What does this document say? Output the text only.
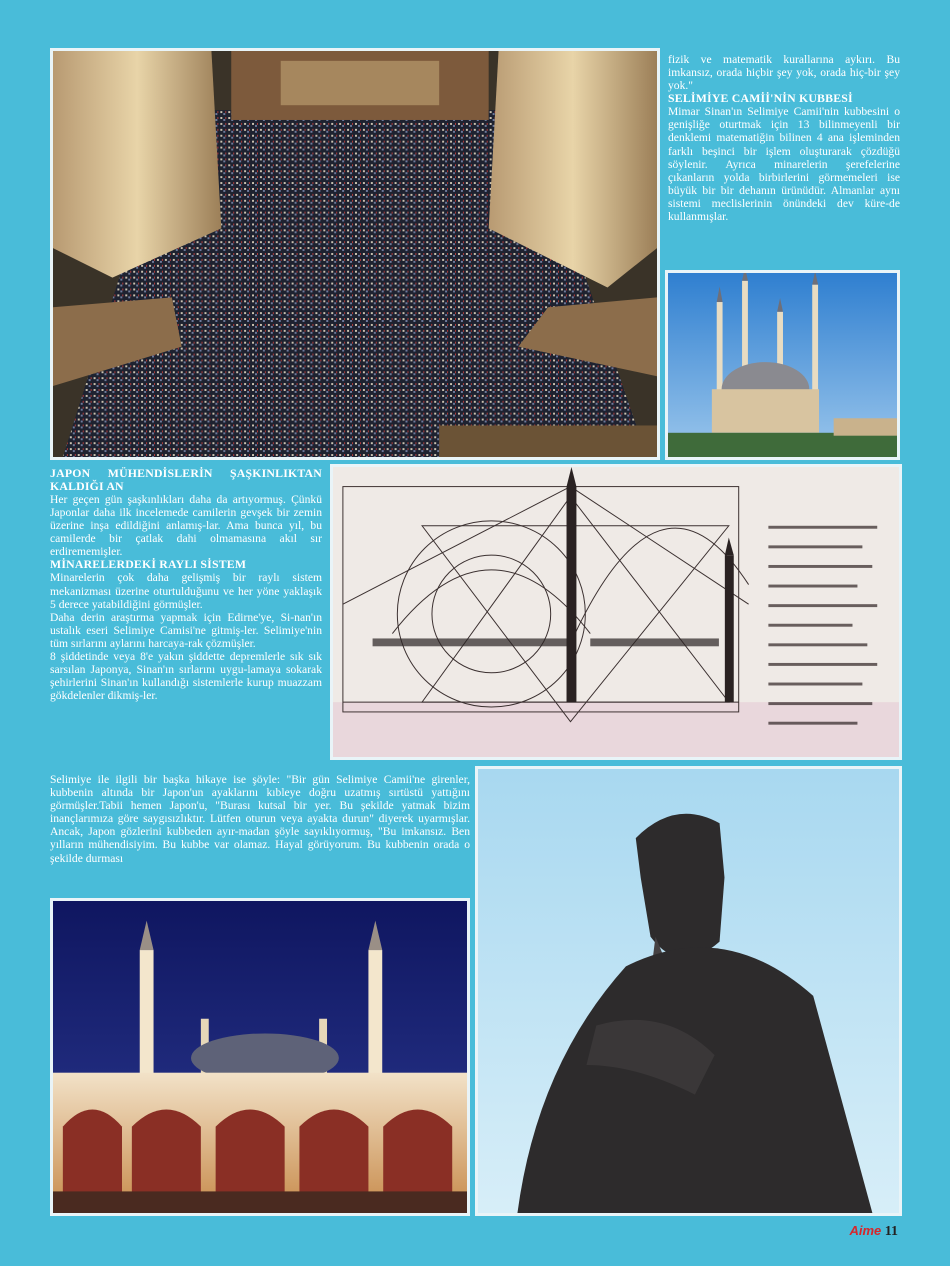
fizik ve matematik kurallarına aykırı. Bu imkansız, orada hiçbir şey yok, orada hiç-bir şey yok."

SELİMİYE CAMİİ'NİN KUBBESİ

Mimar Sinan'ın Selimiye Camii'nin kubbesini o genişliğe oturtmak için 13 bilinmeyenli bir denklemi matematiğin bilinen 4 ana işleminden farklı beşinci bir işlem oluşturarak çözdüğü söylenir. Ayrıca minarelerin şerefelerine çıkanların yolda birbirlerini görmemeleri ise büyük bir bir dehanın ürünüdür. Almanlar aynı sistemi meclislerinin önündeki dev küre-de kullanmışlar.

JAPON MÜHENDİSLERİN ŞAŞKINLIKTAN KALDIĞI AN

Her geçen gün şaşkınlıkları daha da artıyormuş. Çünkü Japonlar daha ilk incelemede camilerin gevşek bir zemin üzerine inşa edildiğini anlamış-lar. Ama bunca yıl, bu camilerde bir çatlak dahi olmamasına akıl sır erdirememişler.

MİNARELERDEKİ RAYLI SİSTEM

Minarelerin çok daha gelişmiş bir raylı sistem mekanizması üzerine oturtulduğunu ve her yöne yaklaşık 5 derece yatabildiğini görmüşler.

Daha derin araştırma yapmak için Edirne'ye, Si-nan'ın ustalık eseri Selimiye Camisi'ne gitmiş-ler. Selimiye'nin tüm sırlarını aylarını harcaya-rak çözmüşler.

8 şiddetinde veya 8'e yakın şiddette depremlerle sık sık sarsılan Japonya, Sinan'ın sırlarını uygu-lamaya sokarak şehirlerini Sinan'ın kullandığı sistemlerle kurup muazzam gökdelenler dikmiş-ler.

Selimiye ile ilgili bir başka hikaye ise şöyle: "Bir gün Selimiye Camii'ne girenler, kubbenin altında bir Japon'un ayaklarını kıbleye doğru uzatmış sırtüstü yattığını görmüşler.Tabii hemen Japon'u, "Burası kutsal bir yer. Bu şekilde yatmak bizim inançlarımıza göre saygısızlıktır. Lütfen oturun veya ayakta durun" diyerek uyarmışlar. Ancak, Japon gözlerini kubbeden ayır-madan şöyle sayıklıyormuş, "Bu imkansız. Ben yılların mühendisiyim. Bu kubbe var olamaz. Hayal görüyorum. Bu kubbenin orada o şekilde durması

Aime 11
